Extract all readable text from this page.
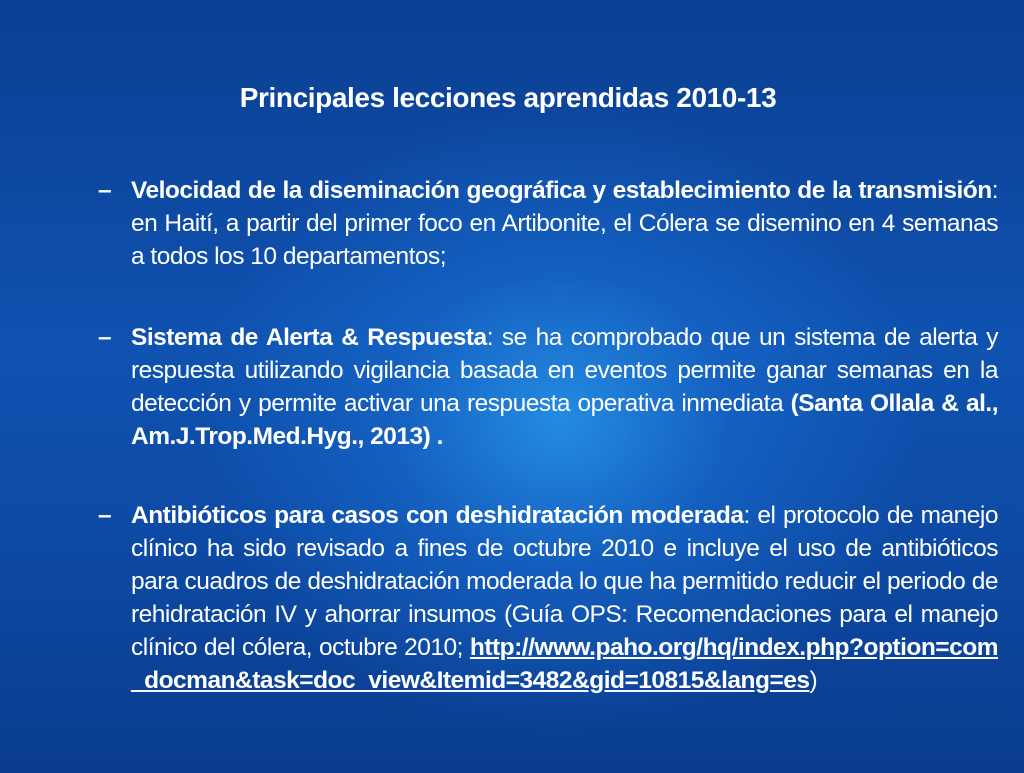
Principales lecciones aprendidas 2010-13
– Velocidad de la diseminación geográfica y establecimiento de la transmisión: en Haití, a partir del primer foco en Artibonite, el Cólera se disemino en 4 semanas a todos los 10 departamentos;
– Sistema de Alerta & Respuesta: se ha comprobado que un sistema de alerta y respuesta utilizando vigilancia basada en eventos permite ganar semanas en la detección y permite activar una respuesta operativa inmediata (Santa Ollala & al., Am.J.Trop.Med.Hyg., 2013) .
– Antibióticos para casos con deshidratación moderada: el protocolo de manejo clínico ha sido revisado a fines de octubre 2010 e incluye el uso de antibióticos para cuadros de deshidratación moderada lo que ha permitido reducir el periodo de rehidratación IV y ahorrar insumos (Guía OPS: Recomendaciones para el manejo clínico del cólera, octubre 2010; http://www.paho.org/hq/index.php?option=com_docman&task=doc_view&Itemid=3482&gid=10815&lang=es)
